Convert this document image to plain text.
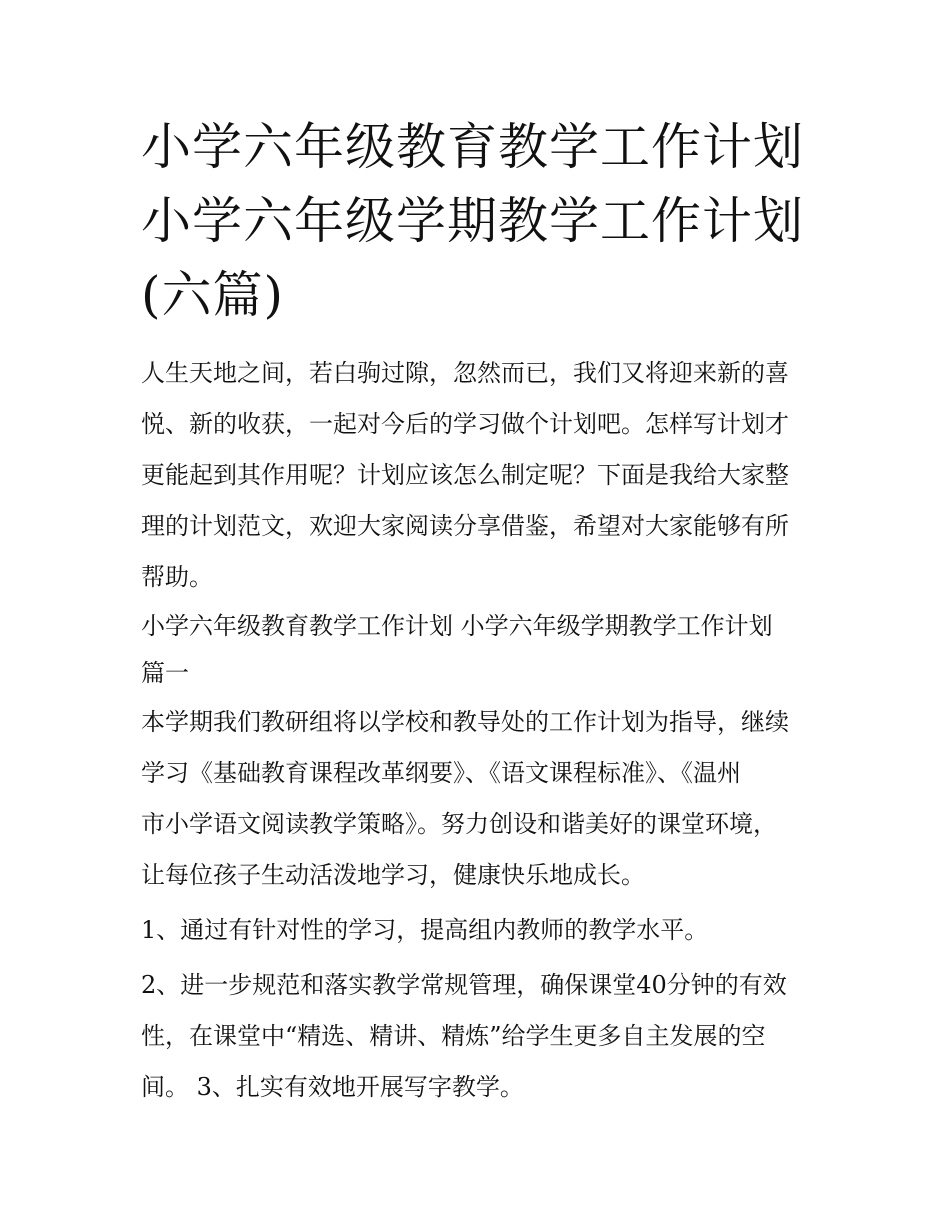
小学六年级教育教学工作计划

小学六年级学期教学工作计划

(六篇)

人生天地之间，若白驹过隙，忽然而已，我们又将迎来新的喜

悦、新的收获，一起对今后的学习做个计划吧。怎样写计划才

更能起到其作用呢？计划应该怎么制定呢？下面是我给大家整

理的计划范文，欢迎大家阅读分享借鉴，希望对大家能够有所

帮助。

小学六年级教育教学工作计划 小学六年级学期教学工作计划

篇一

本学期我们教研组将以学校和教导处的工作计划为指导，继续

学习《基础教育课程改革纲要》、《语文课程标准》、《温州

市小学语文阅读教学策略》。努力创设和谐美好的课堂环境，

让每位孩子生动活泼地学习，健康快乐地成长。

1、通过有针对性的学习，提高组内教师的教学水平。

2、进一步规范和落实教学常规管理，确保课堂40分钟的有效

性，在课堂中“精选、精讲、精炼”给学生更多自主发展的空

间。 3、扎实有效地开展写字教学。
